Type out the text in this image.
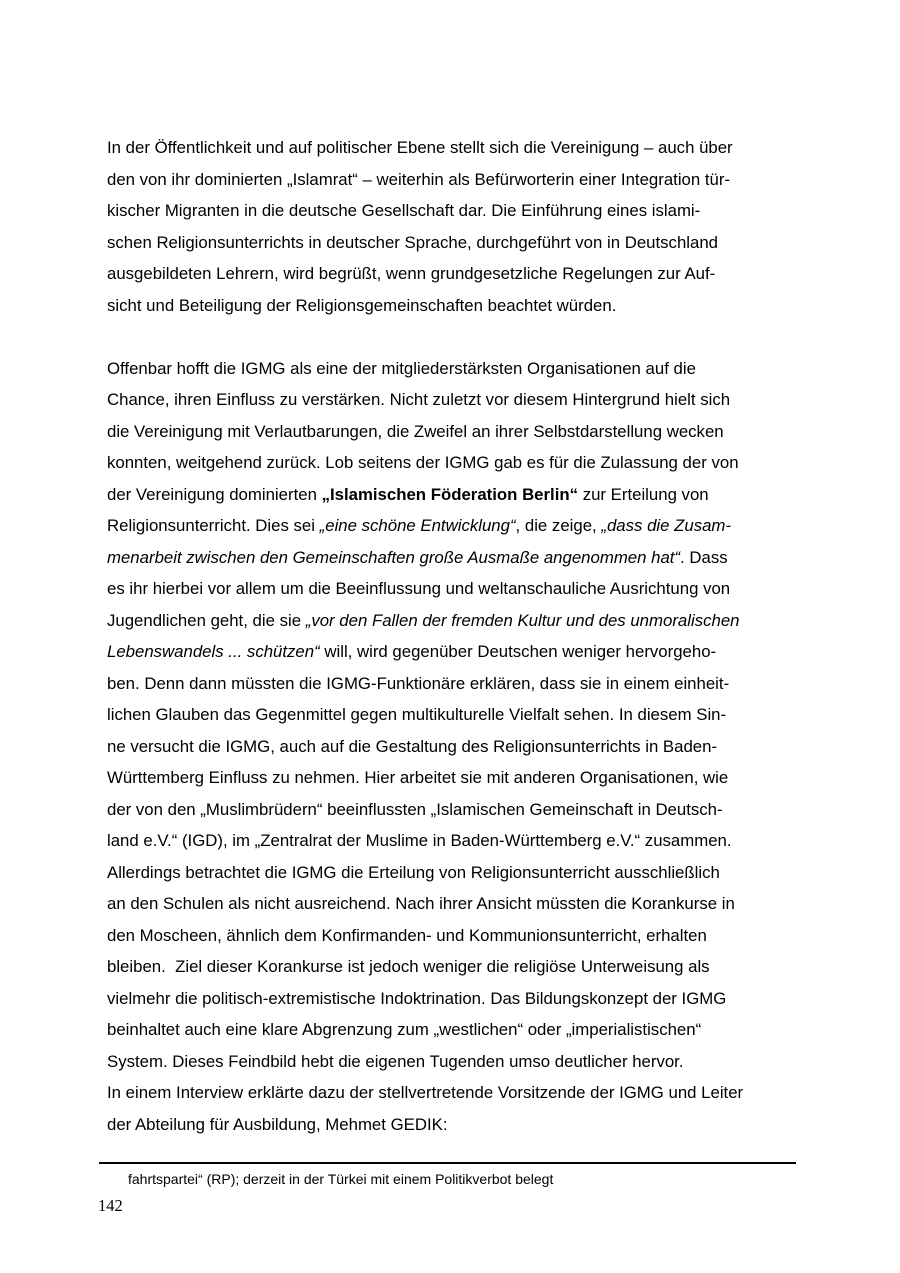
In der Öffentlichkeit und auf politischer Ebene stellt sich die Vereinigung – auch über
den von ihr dominierten „Islamrat“ – weiterhin als Befürworterin einer Integration tür-
kischer Migranten in die deutsche Gesellschaft dar. Die Einführung eines islami-
schen Religionsunterrichts in deutscher Sprache, durchgeführt von in Deutschland
ausgebildeten Lehrern, wird begrüßt, wenn grundgesetzliche Regelungen zur Auf-
sicht und Beteiligung der Religionsgemeinschaften beachtet würden.
Offenbar hofft die IGMG als eine der mitgliederstärksten Organisationen auf die
Chance, ihren Einfluss zu verstärken. Nicht zuletzt vor diesem Hintergrund hielt sich
die Vereinigung mit Verlautbarungen, die Zweifel an ihrer Selbstdarstellung wecken
konnten, weitgehend zurück. Lob seitens der IGMG gab es für die Zulassung der von
der Vereinigung dominierten „Islamischen Föderation Berlin“ zur Erteilung von
Religionsunterricht. Dies sei „eine schöne Entwicklung“, die zeige, „dass die Zusam-
menarbeit zwischen den Gemeinschaften große Ausmaße angenommen hat“. Dass
es ihr hierbei vor allem um die Beeinflussung und weltanschauliche Ausrichtung von
Jugendlichen geht, die sie „vor den Fallen der fremden Kultur und des unmoralischen
Lebenswandels ... schützen“ will, wird gegenüber Deutschen weniger hervorgeho-
ben. Denn dann müssten die IGMG-Funktionäre erklären, dass sie in einem einheit-
lichen Glauben das Gegenmittel gegen multikulturelle Vielfalt sehen. In diesem Sin-
ne versucht die IGMG, auch auf die Gestaltung des Religionsunterrichts in Baden-
Württemberg Einfluss zu nehmen. Hier arbeitet sie mit anderen Organisationen, wie
der von den „Muslimbrüdern“ beeinflussten „Islamischen Gemeinschaft in Deutsch-
land e.V.“ (IGD), im „Zentralrat der Muslime in Baden-Württemberg e.V.“ zusammen.
Allerdings betrachtet die IGMG die Erteilung von Religionsunterricht ausschließlich
an den Schulen als nicht ausreichend. Nach ihrer Ansicht müssten die Korankurse in
den Moscheen, ähnlich dem Konfirmanden- und Kommunionsunterricht, erhalten
bleiben.  Ziel dieser Korankurse ist jedoch weniger die religiöse Unterweisung als
vielmehr die politisch-extremistische Indoktrination. Das Bildungskonzept der IGMG
beinhaltet auch eine klare Abgrenzung zum „westlichen“ oder „imperialistischen“
System. Dieses Feindbild hebt die eigenen Tugenden umso deutlicher hervor.
In einem Interview erklärte dazu der stellvertretende Vorsitzende der IGMG und Leiter
der Abteilung für Ausbildung, Mehmet GEDIK:
fahrtspartei“ (RP); derzeit in der Türkei mit einem Politikverbot belegt
142
